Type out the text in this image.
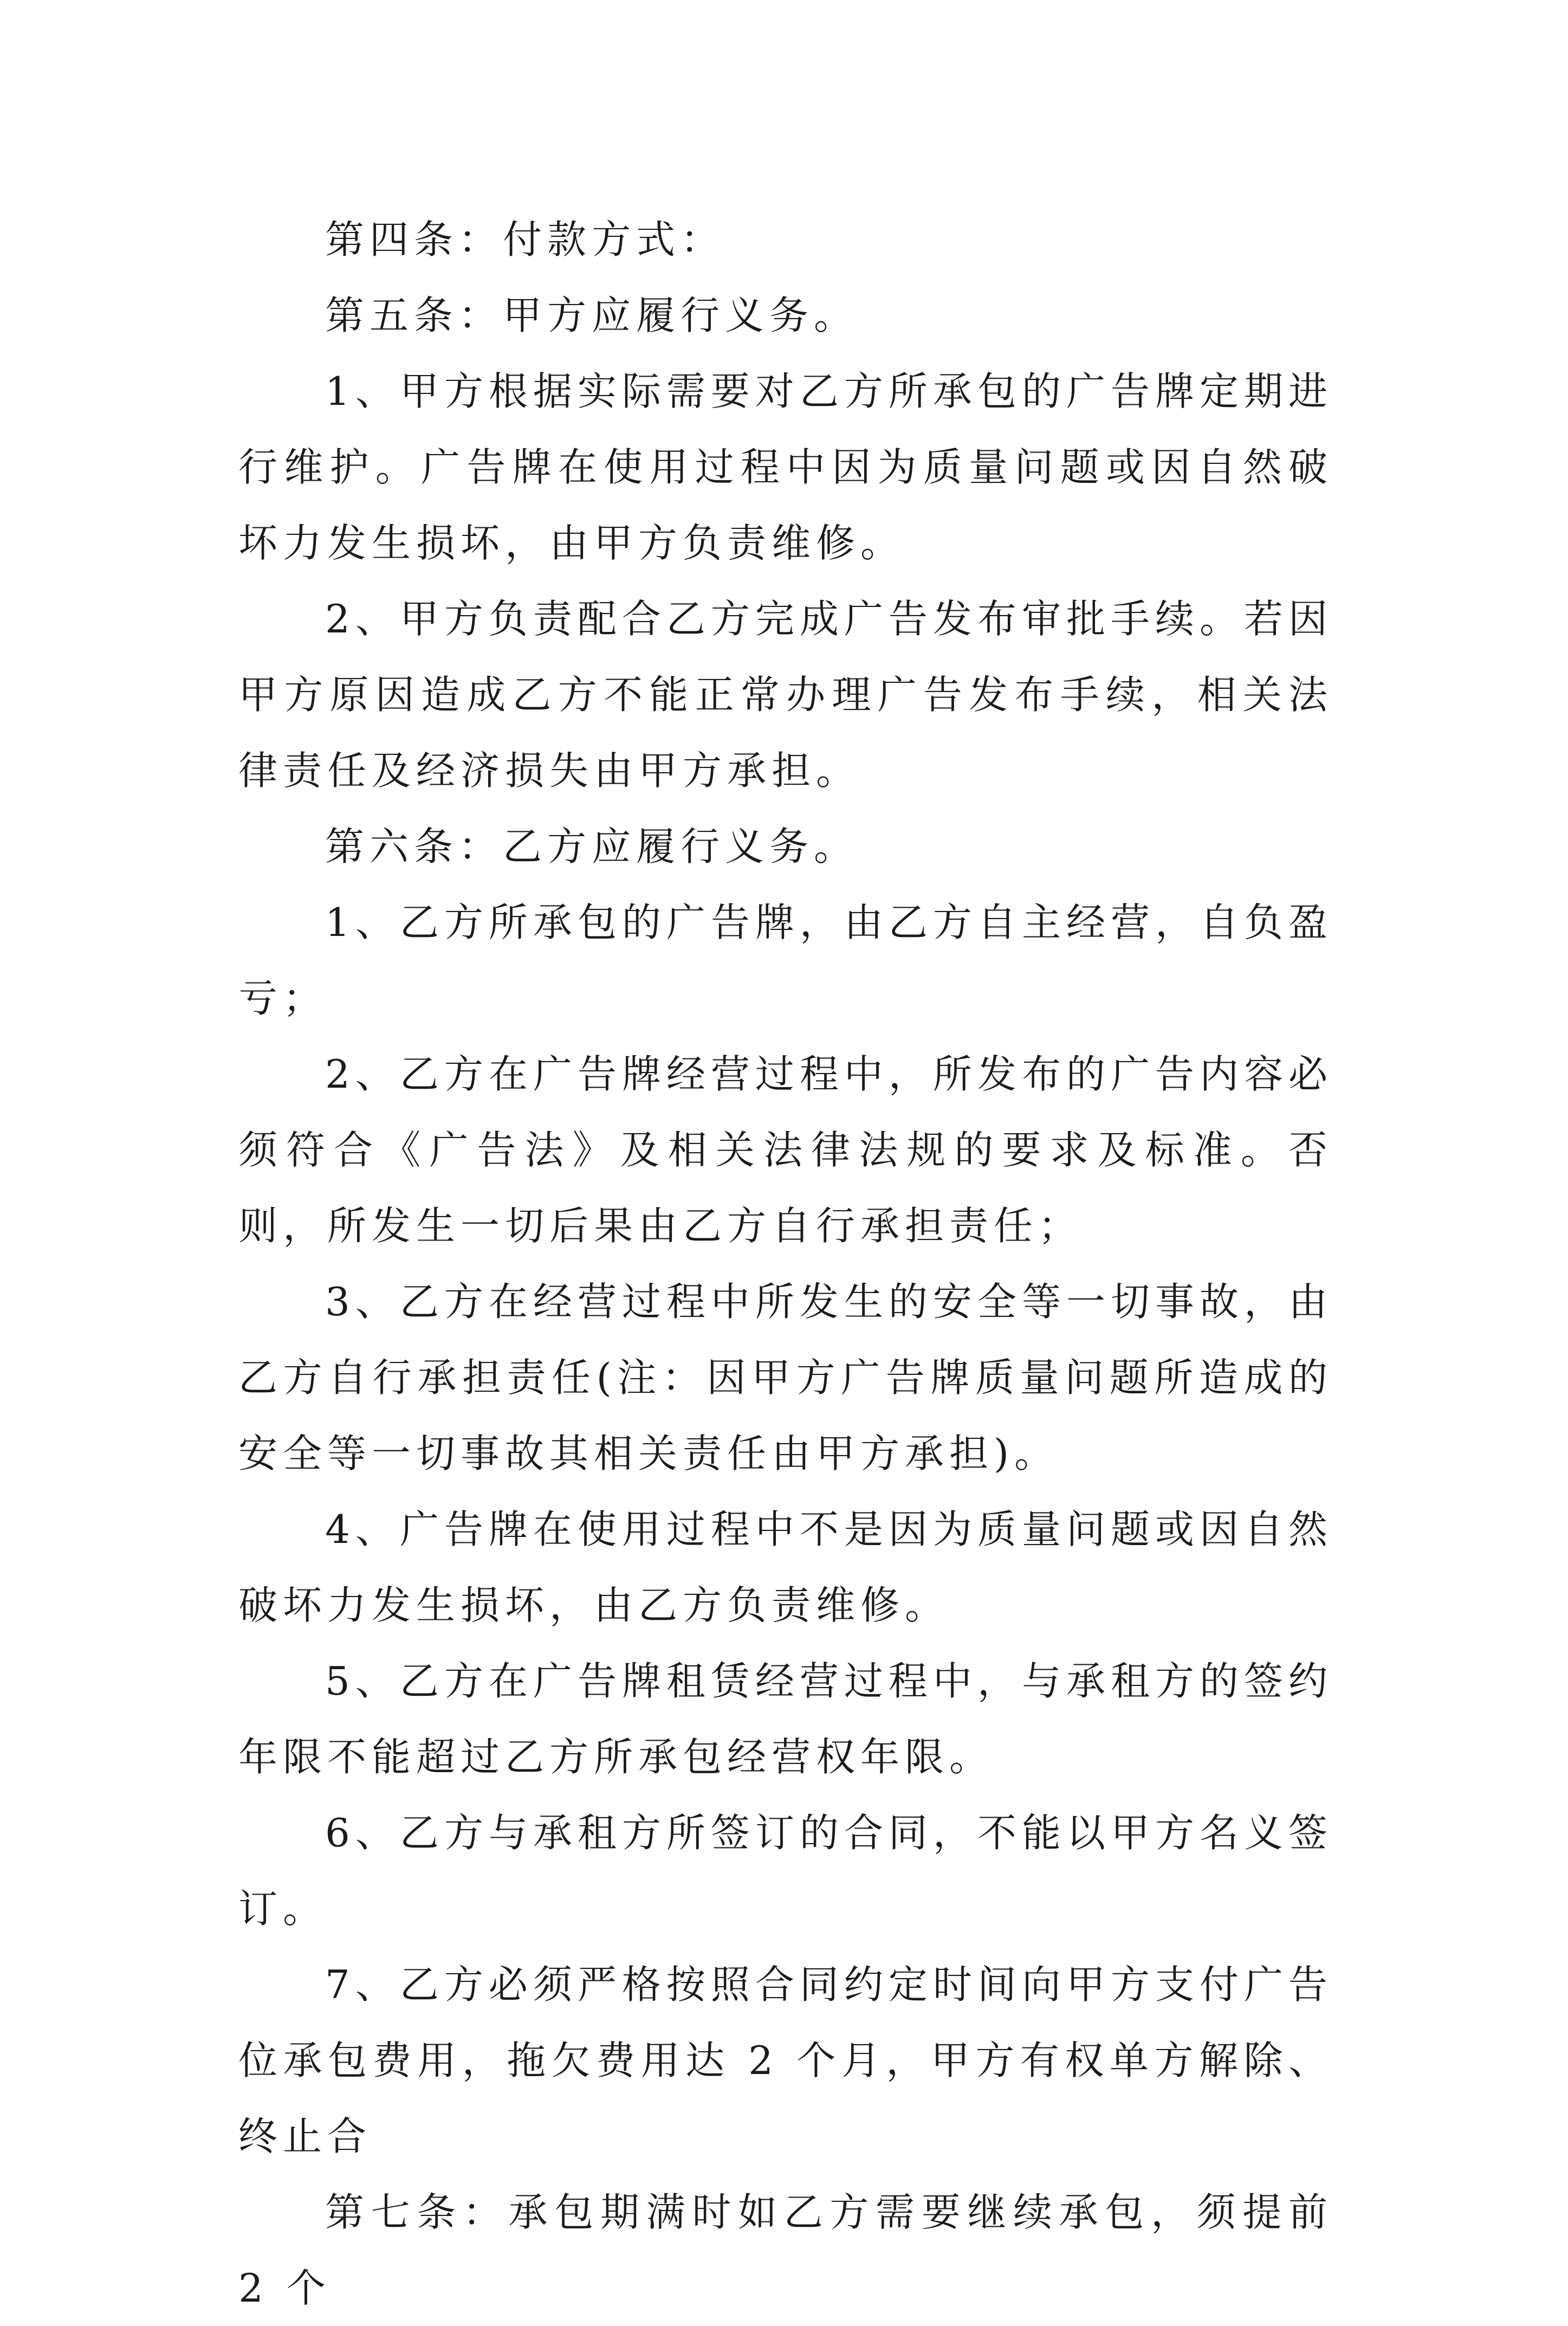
第四条：付款方式：

第五条：甲方应履行义务。

1、甲方根据实际需要对乙方所承包的广告牌定期进行维护。广告牌在使用过程中因为质量问题或因自然破坏力发生损坏，由甲方负责维修。

2、甲方负责配合乙方完成广告发布审批手续。若因甲方原因造成乙方不能正常办理广告发布手续，相关法律责任及经济损失由甲方承担。

第六条：乙方应履行义务。

1、乙方所承包的广告牌，由乙方自主经营，自负盈亏；

2、乙方在广告牌经营过程中，所发布的广告内容必须符合《广告法》及相关法律法规的要求及标准。否则，所发生一切后果由乙方自行承担责任；

3、乙方在经营过程中所发生的安全等一切事故，由乙方自行承担责任(注：因甲方广告牌质量问题所造成的安全等一切事故其相关责任由甲方承担)。

4、广告牌在使用过程中不是因为质量问题或因自然破坏力发生损坏，由乙方负责维修。

5、乙方在广告牌租赁经营过程中，与承租方的签约年限不能超过乙方所承包经营权年限。

6、乙方与承租方所签订的合同，不能以甲方名义签订。

7、乙方必须严格按照合同约定时间向甲方支付广告位承包费用，拖欠费用达 2 个月，甲方有权单方解除、终止合

第七条：承包期满时如乙方需要继续承包，须提前 2 个
